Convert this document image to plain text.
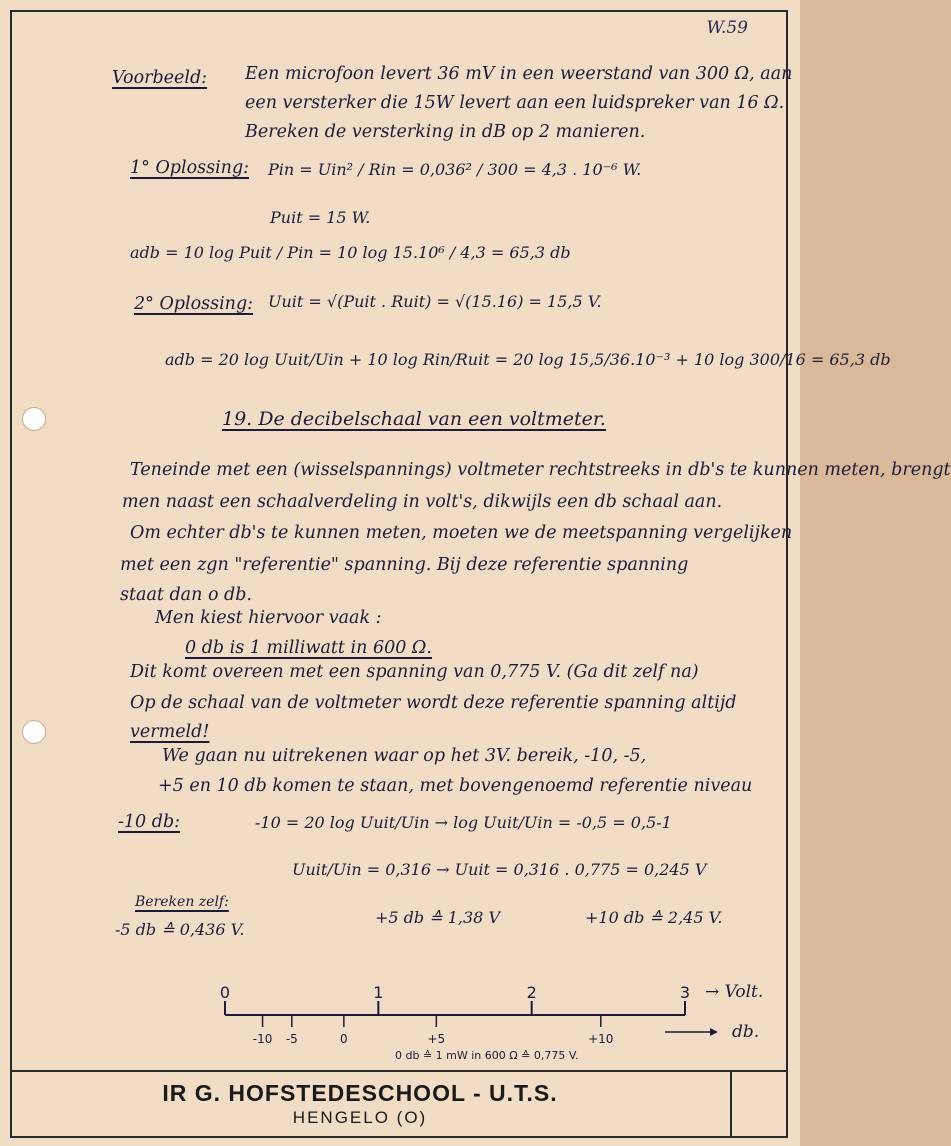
W.59
Voorbeeld: Een microfoon levert 36 mV in een weerstand van 300 Ω, aan
een versterker die 15W levert aan een luidspreker van 16 Ω.
Bereken de versterking in dB op 2 manieren.
1° Oplossing: Pin = Uin² / Rin = 0,036² / 300 = 4,3 . 10⁻⁶ W.
Puit = 15 W.
adb = 10 log Puit / Pin = 10 log 15.10⁶ / 4,3 = 65,3 db
2° Oplossing: Uuit = √(Puit . Ruit) = √(15.16) = 15,5 V.
adb = 20 log Uuit/Uin + 10 log Rin/Ruit = 20 log 15,5/36.10⁻³ + 10 log 300/16 = 65,3 db
19. De decibelschaal van een voltmeter.
Teneinde met een (wisselspannings) voltmeter rechtstreeks in db's te kunnen meten, brengt
men naast een schaalverdeling in volt's, dikwijls een db schaal aan.
Om echter db's te kunnen meten, moeten we de meetspanning vergelijken
met een zgn "referentie" spanning. Bij deze referentie spanning
staat dan o db.
Men kiest hiervoor vaak :
0 db is 1 milliwatt in 600 Ω.
Dit komt overeen met een spanning van 0,775 V. (Ga dit zelf na)
Op de schaal van de voltmeter wordt deze referentie spanning altijd
vermeld!
We gaan nu uitrekenen waar op het 3V. bereik, -10, -5,
+5 en 10 db komen te staan, met bovengenoemd referentie niveau
-10 db:	-10 = 20 log Uuit/Uin → log Uuit/Uin = -0,5 = 0,5-1
Uuit/Uin = 0,316 → Uuit = 0,316 . 0,775 = 0,245 V
Bereken zelf:
-5 db ≙ 0,436 V.
+5 db ≙ 1,38 V	+10 db ≙ 2,45 V.
0	1	2	3
-10 -5	0	+5	+10
→ Volt.
db.
0 db ≙ 1 mW in 600 Ω ≙ 0,775 V.
IR G. HOFSTEDESCHOOL - U.T.S.
HENGELO (O)
